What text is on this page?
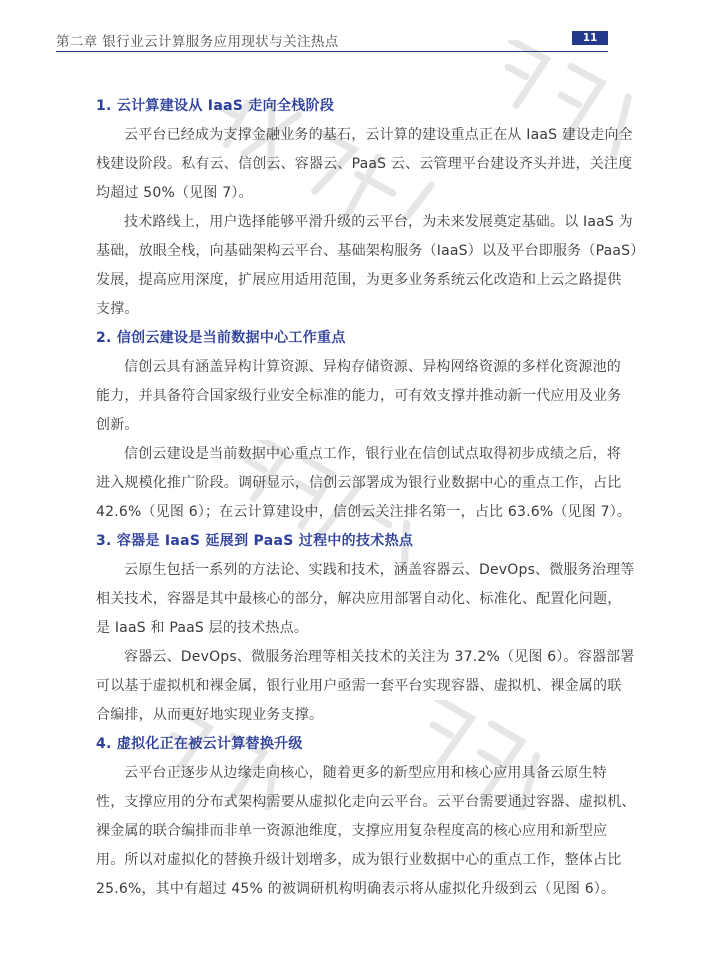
第二章 银行业云计算服务应用现状与关注热点	11
1. 云计算建设从 IaaS 走向全栈阶段

云平台已经成为支撑金融业务的基石，云计算的建设重点正在从 IaaS 建设走向全
栈建设阶段。私有云、信创云、容器云、PaaS 云、云管理平台建设齐头并进，关注度
均超过 50%（见图 7）。

技术路线上，用户选择能够平滑升级的云平台，为未来发展奠定基础。以 IaaS 为
基础，放眼全栈，向基础架构云平台、基础架构服务（IaaS）以及平台即服务（PaaS）
发展，提高应用深度，扩展应用适用范围，为更多业务系统云化改造和上云之路提供
支撑。

2. 信创云建设是当前数据中心工作重点

信创云具有涵盖异构计算资源、异构存储资源、异构网络资源的多样化资源池的
能力，并具备符合国家级行业安全标准的能力，可有效支撑并推动新一代应用及业务
创新。

信创云建设是当前数据中心重点工作，银行业在信创试点取得初步成绩之后，将
进入规模化推广阶段。调研显示，信创云部署成为银行业数据中心的重点工作，占比
42.6%（见图 6）；在云计算建设中，信创云关注排名第一，占比 63.6%（见图 7）。

3. 容器是 IaaS 延展到 PaaS 过程中的技术热点

云原生包括一系列的方法论、实践和技术，涵盖容器云、DevOps、微服务治理等
相关技术，容器是其中最核心的部分，解决应用部署自动化、标准化、配置化问题，
是 IaaS 和 PaaS 层的技术热点。

容器云、DevOps、微服务治理等相关技术的关注为 37.2%（见图 6）。容器部署
可以基于虚拟机和裸金属，银行业用户亟需一套平台实现容器、虚拟机、裸金属的联
合编排，从而更好地实现业务支撑。

4. 虚拟化正在被云计算替换升级

云平台正逐步从边缘走向核心，随着更多的新型应用和核心应用具备云原生特
性，支撑应用的分布式架构需要从虚拟化走向云平台。云平台需要通过容器、虚拟机、
裸金属的联合编排而非单一资源池维度，支撑应用复杂程度高的核心应用和新型应
用。所以对虚拟化的替换升级计划增多，成为银行业数据中心的重点工作，整体占比
25.6%，其中有超过 45% 的被调研机构明确表示将从虚拟化升级到云（见图 6）。
